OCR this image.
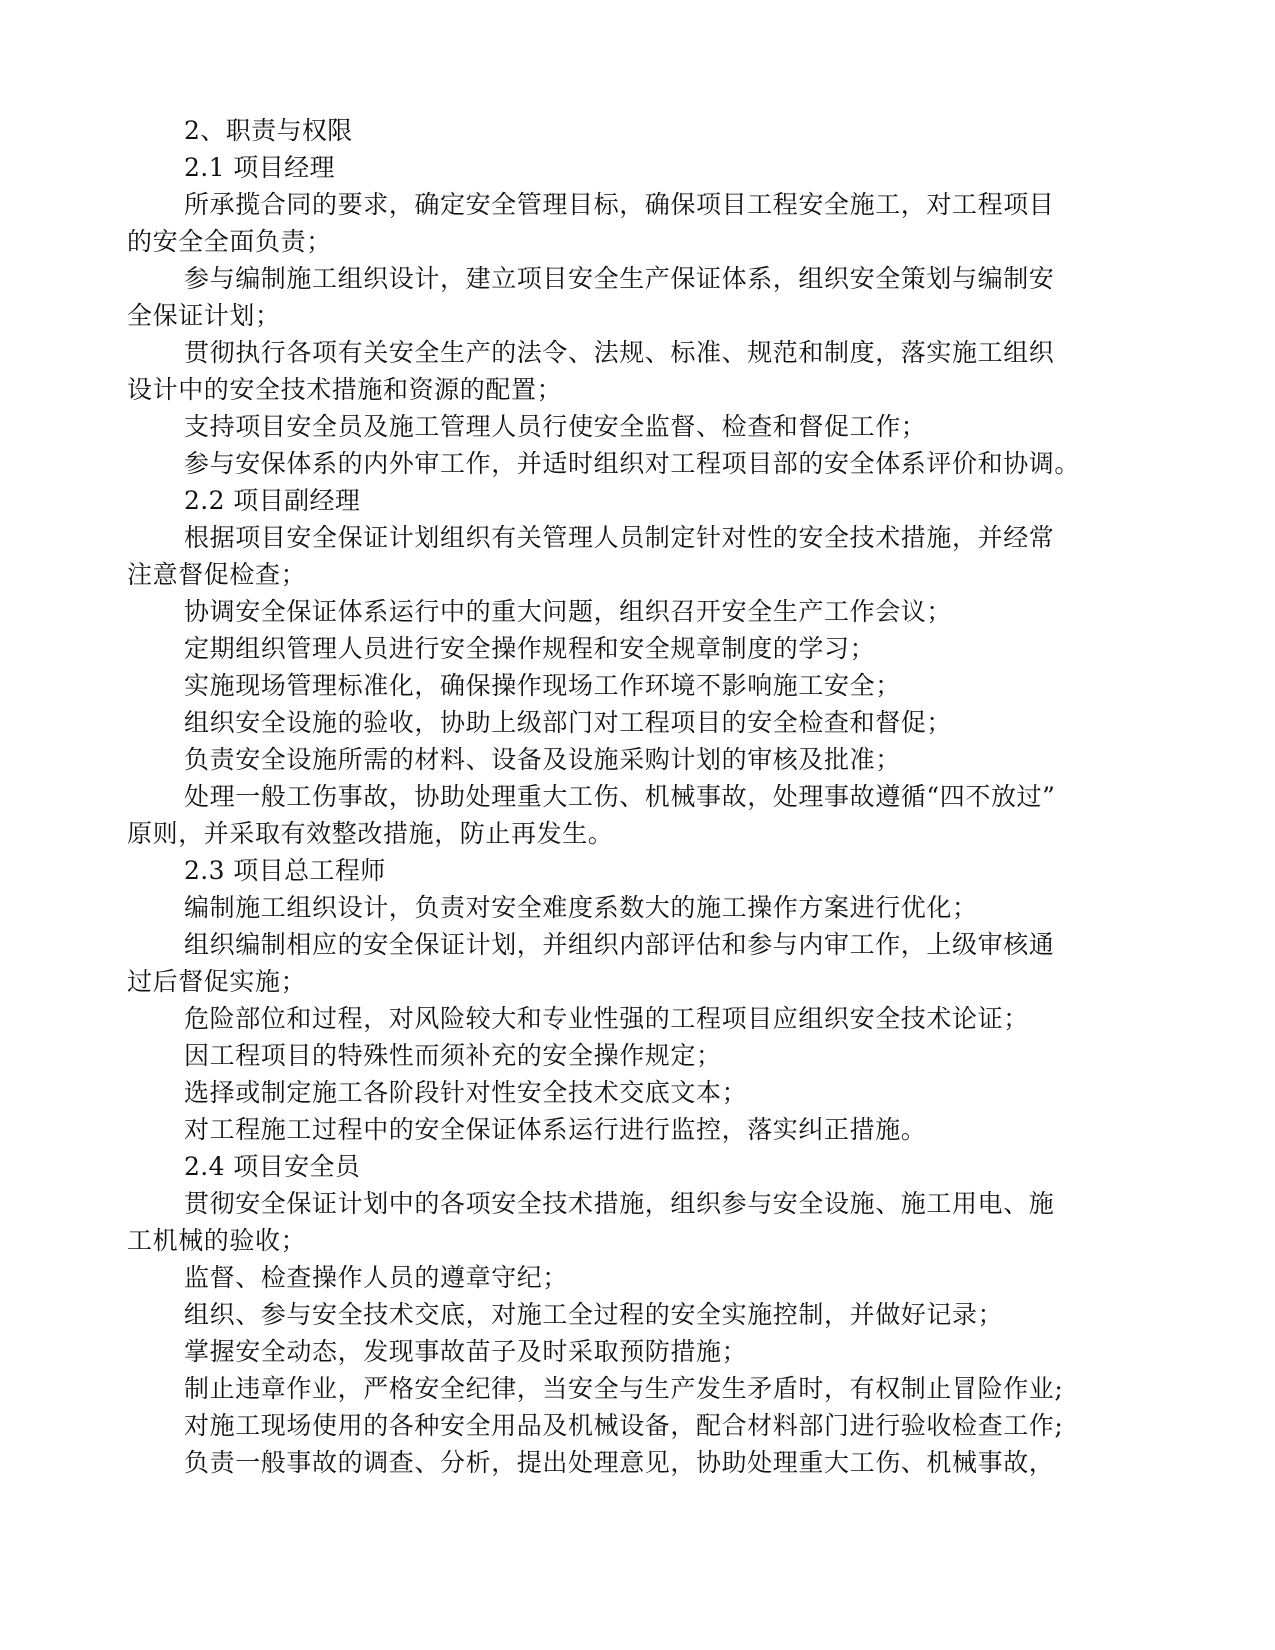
2、职责与权限

2.1 项目经理

所承揽合同的要求，确定安全管理目标，确保项目工程安全施工，对工程项目

的安全全面负责；

参与编制施工组织设计，建立项目安全生产保证体系，组织安全策划与编制安

全保证计划；

贯彻执行各项有关安全生产的法令、法规、标准、规范和制度，落实施工组织

设计中的安全技术措施和资源的配置；

支持项目安全员及施工管理人员行使安全监督、检查和督促工作；

参与安保体系的内外审工作，并适时组织对工程项目部的安全体系评价和协调。

2.2 项目副经理

根据项目安全保证计划组织有关管理人员制定针对性的安全技术措施，并经常

注意督促检查；

协调安全保证体系运行中的重大问题，组织召开安全生产工作会议；

定期组织管理人员进行安全操作规程和安全规章制度的学习；

实施现场管理标准化，确保操作现场工作环境不影响施工安全；

组织安全设施的验收，协助上级部门对工程项目的安全检查和督促；

负责安全设施所需的材料、设备及设施采购计划的审核及批准；

处理一般工伤事故，协助处理重大工伤、机械事故，处理事故遵循“四不放过”

原则，并采取有效整改措施，防止再发生。

2.3 项目总工程师

编制施工组织设计，负责对安全难度系数大的施工操作方案进行优化；

组织编制相应的安全保证计划，并组织内部评估和参与内审工作，上级审核通

过后督促实施；

危险部位和过程，对风险较大和专业性强的工程项目应组织安全技术论证；

因工程项目的特殊性而须补充的安全操作规定；

选择或制定施工各阶段针对性安全技术交底文本；

对工程施工过程中的安全保证体系运行进行监控，落实纠正措施。

2.4 项目安全员

贯彻安全保证计划中的各项安全技术措施，组织参与安全设施、施工用电、施

工机械的验收；

监督、检查操作人员的遵章守纪；

组织、参与安全技术交底，对施工全过程的安全实施控制，并做好记录；

掌握安全动态，发现事故苗子及时采取预防措施；

制止违章作业，严格安全纪律，当安全与生产发生矛盾时，有权制止冒险作业;

对施工现场使用的各种安全用品及机械设备，配合材料部门进行验收检查工作;

负责一般事故的调查、分析，提出处理意见，协助处理重大工伤、机械事故，
